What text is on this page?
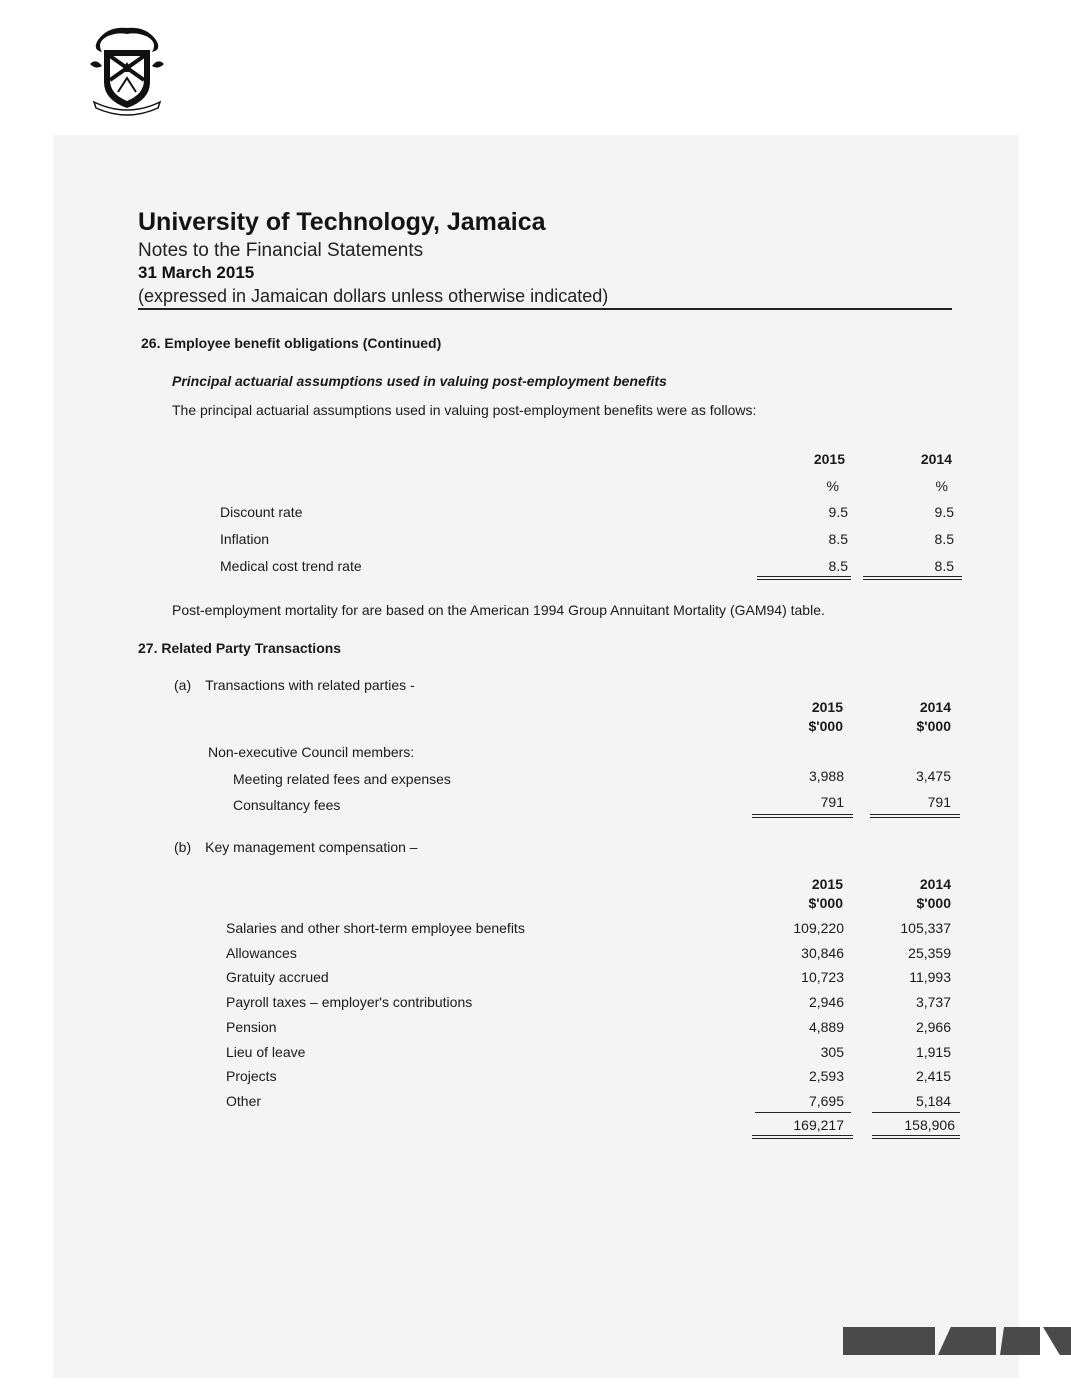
University of Technology, Jamaica
Notes to the Financial Statements
31 March 2015
(expressed in Jamaican dollars unless otherwise indicated)
26. Employee benefit obligations (Continued)
Principal actuarial assumptions used in valuing post-employment benefits
The principal actuarial assumptions used in valuing post-employment benefits were as follows:
2015	2014
%	%
Discount rate	9.5	9.5
Inflation	8.5	8.5
Medical cost trend rate	8.5	8.5
Post-employment mortality for are based on the American 1994 Group Annuitant Mortality (GAM94) table.
27. Related Party Transactions
(a) Transactions with related parties -
2015	2014
$'000	$'000
Non-executive Council members:
Meeting related fees and expenses	3,988	3,475
Consultancy fees	791	791
(b) Key management compensation –
2015	2014
$'000	$'000
Salaries and other short-term employee benefits	109,220	105,337
Allowances	30,846	25,359
Gratuity accrued	10,723	11,993
Payroll taxes – employer's contributions	2,946	3,737
Pension	4,889	2,966
Lieu of leave	305	1,915
Projects	2,593	2,415
Other	7,695	5,184
169,217	158,906
